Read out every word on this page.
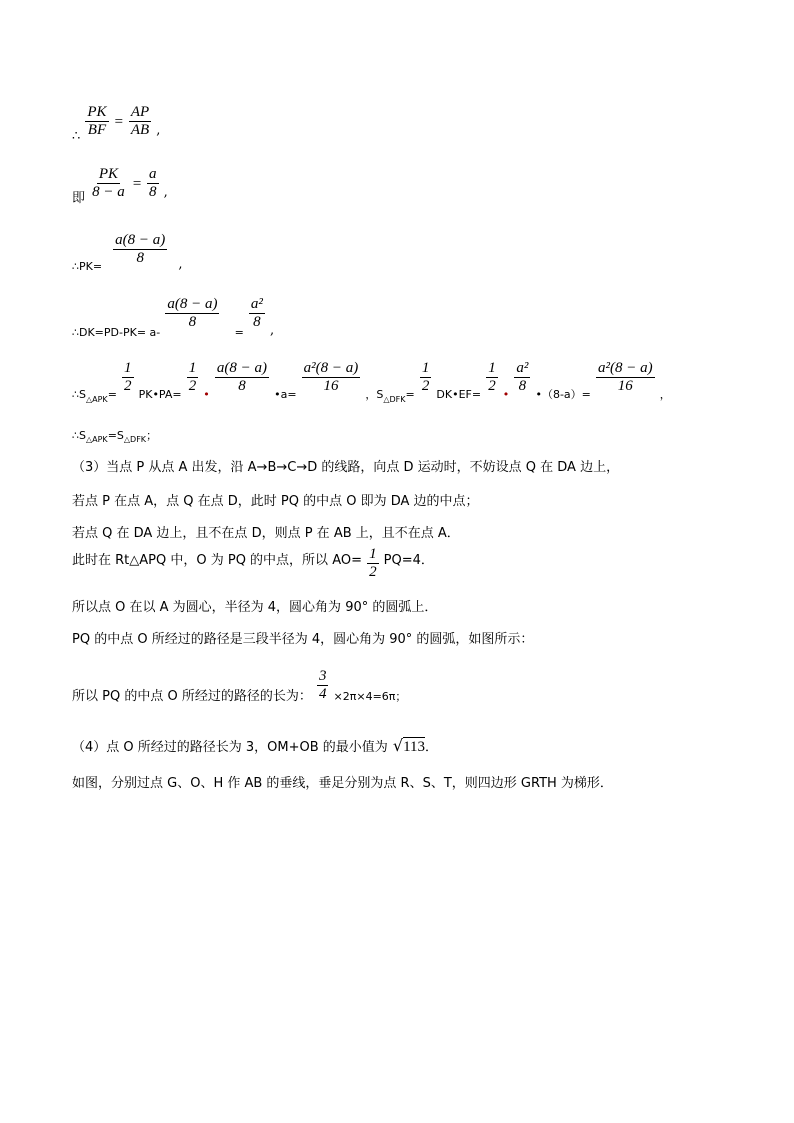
$_\therefore \frac{PK}{BF} = \frac{AP}{AB} _,$
$_即 \frac{PK}{8 - a} = \frac{a}{8} _,$
$_{\therefore PK=} \frac{a(8 - a)}{8} _,$
$_{\therefore DK=PD-PK= a-}$
$\frac{a(8 - a)}{8}$
$_=$
$\frac{\text{a²}}{8} _,$
$_{\therefore S\triangle APK=} \frac{1}{2} _{PK•PA=} \frac{1}{2} _• \frac{a(8 - a)}{8} _{•a=} \frac{\text{a²(8 − a)}}{16} _{,S\triangle DFK=} \frac{1}{2} _{DK•EF=} \frac{1}{2} _• \frac{\text{a²}}{8} _{•(8-a)=} \frac{\text{a²(8 − a)}}{16} _,$
∴S△APK=S△DFK；
（3）当点 P 从点 A 出发，沿 A→B→C→D 的线路，向点 D 运动时，不妨设点 Q 在 DA 边上，
若点 P 在点 A，点 Q 在点 D，此时 PQ 的中点 O 即为 DA 边的中点；
若点 Q 在 DA 边上，且不在点 D，则点 P 在 AB 上，且不在点 A．
$^{此时在 Rt\triangle APQ 中,O 为 PQ 的中点,所以 AO=} \frac{1}{2} ^{PQ=4.}$
所以点 O 在以 A 为圆心，半径为 4，圆心角为 90° 的圆弧上．
PQ 的中点 O 所经过的路径是三段半径为 4，圆心角为 90° 的圆弧，如图所示：
$_{所以 PQ 的中点 O 所经过的路径的长为:} \frac{3}{4} _{\times 2\pi\times 4=6\pi;}$
（4）点 O 所经过的路径长为 3，OM+OB 的最小值为 √113．
如图，分别过点 G、O、H 作 AB 的垂线，垂足分别为点 R、S、T，则四边形 GRTH 为梯形．
